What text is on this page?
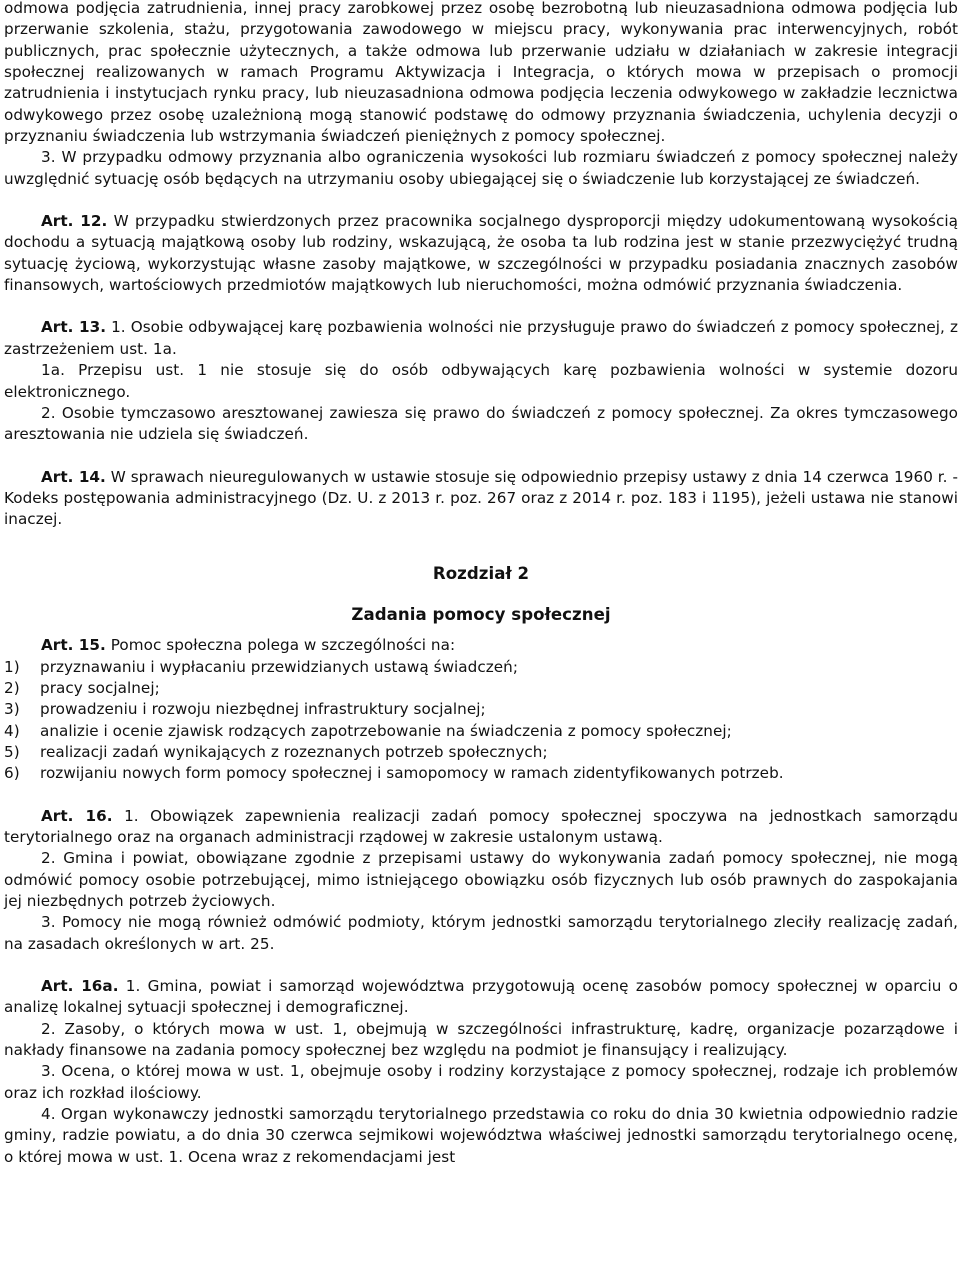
odmowa podjęcia zatrudnienia, innej pracy zarobkowej przez osobę bezrobotną lub nieuzasadniona odmowa podjęcia lub przerwanie szkolenia, stażu, przygotowania zawodowego w miejscu pracy, wykonywania prac interwencyjnych, robót publicznych, prac społecznie użytecznych, a także odmowa lub przerwanie udziału w działaniach w zakresie integracji społecznej realizowanych w ramach Programu Aktywizacja i Integracja, o których mowa w przepisach o promocji zatrudnienia i instytucjach rynku pracy, lub nieuzasadniona odmowa podjęcia leczenia odwykowego w zakładzie lecznictwa odwykowego przez osobę uzależnioną mogą stanowić podstawę do odmowy przyznania świadczenia, uchylenia decyzji o przyznaniu świadczenia lub wstrzymania świadczeń pieniężnych z pomocy społecznej.

3. W przypadku odmowy przyznania albo ograniczenia wysokości lub rozmiaru świadczeń z pomocy społecznej należy uwzględnić sytuację osób będących na utrzymaniu osoby ubiegającej się o świadczenie lub korzystającej ze świadczeń.

Art. 12. W przypadku stwierdzonych przez pracownika socjalnego dysproporcji między udokumentowaną wysokością dochodu a sytuacją majątkową osoby lub rodziny, wskazującą, że osoba ta lub rodzina jest w stanie przezwyciężyć trudną sytuację życiową, wykorzystując własne zasoby majątkowe, w szczególności w przypadku posiadania znacznych zasobów finansowych, wartościowych przedmiotów majątkowych lub nieruchomości, można odmówić przyznania świadczenia.

Art. 13. 1. Osobie odbywającej karę pozbawienia wolności nie przysługuje prawo do świadczeń z pomocy społecznej, z zastrzeżeniem ust. 1a.

1a. Przepisu ust. 1 nie stosuje się do osób odbywających karę pozbawienia wolności w systemie dozoru elektronicznego.

2. Osobie tymczasowo aresztowanej zawiesza się prawo do świadczeń z pomocy społecznej. Za okres tymczasowego aresztowania nie udziela się świadczeń.

Art. 14. W sprawach nieuregulowanych w ustawie stosuje się odpowiednio przepisy ustawy z dnia 14 czerwca 1960 r. - Kodeks postępowania administracyjnego (Dz. U. z 2013 r. poz. 267 oraz z 2014 r. poz. 183 i 1195), jeżeli ustawa nie stanowi inaczej.

Rozdział 2

Zadania pomocy społecznej

Art. 15. Pomoc społeczna polega w szczególności na:

1)	przyznawaniu i wypłacaniu przewidzianych ustawą świadczeń;
2)	pracy socjalnej;
3)	prowadzeniu i rozwoju niezbędnej infrastruktury socjalnej;
4)	analizie i ocenie zjawisk rodzących zapotrzebowanie na świadczenia z pomocy społecznej;
5)	realizacji zadań wynikających z rozeznanych potrzeb społecznych;
6)	rozwijaniu nowych form pomocy społecznej i samopomocy w ramach zidentyfikowanych potrzeb.

Art. 16. 1. Obowiązek zapewnienia realizacji zadań pomocy społecznej spoczywa na jednostkach samorządu terytorialnego oraz na organach administracji rządowej w zakresie ustalonym ustawą.

2. Gmina i powiat, obowiązane zgodnie z przepisami ustawy do wykonywania zadań pomocy społecznej, nie mogą odmówić pomocy osobie potrzebującej, mimo istniejącego obowiązku osób fizycznych lub osób prawnych do zaspokajania jej niezbędnych potrzeb życiowych.

3. Pomocy nie mogą również odmówić podmioty, którym jednostki samorządu terytorialnego zleciły realizację zadań, na zasadach określonych w art. 25.

Art. 16a. 1. Gmina, powiat i samorząd województwa przygotowują ocenę zasobów pomocy społecznej w oparciu o analizę lokalnej sytuacji społecznej i demograficznej.

2. Zasoby, o których mowa w ust. 1, obejmują w szczególności infrastrukturę, kadrę, organizacje pozarządowe i nakłady finansowe na zadania pomocy społecznej bez względu na podmiot je finansujący i realizujący.

3. Ocena, o której mowa w ust. 1, obejmuje osoby i rodziny korzystające z pomocy społecznej, rodzaje ich problemów oraz ich rozkład ilościowy.

4. Organ wykonawczy jednostki samorządu terytorialnego przedstawia co roku do dnia 30 kwietnia odpowiednio radzie gminy, radzie powiatu, a do dnia 30 czerwca sejmikowi województwa właściwej jednostki samorządu terytorialnego ocenę, o której mowa w ust. 1. Ocena wraz z rekomendacjami jest
